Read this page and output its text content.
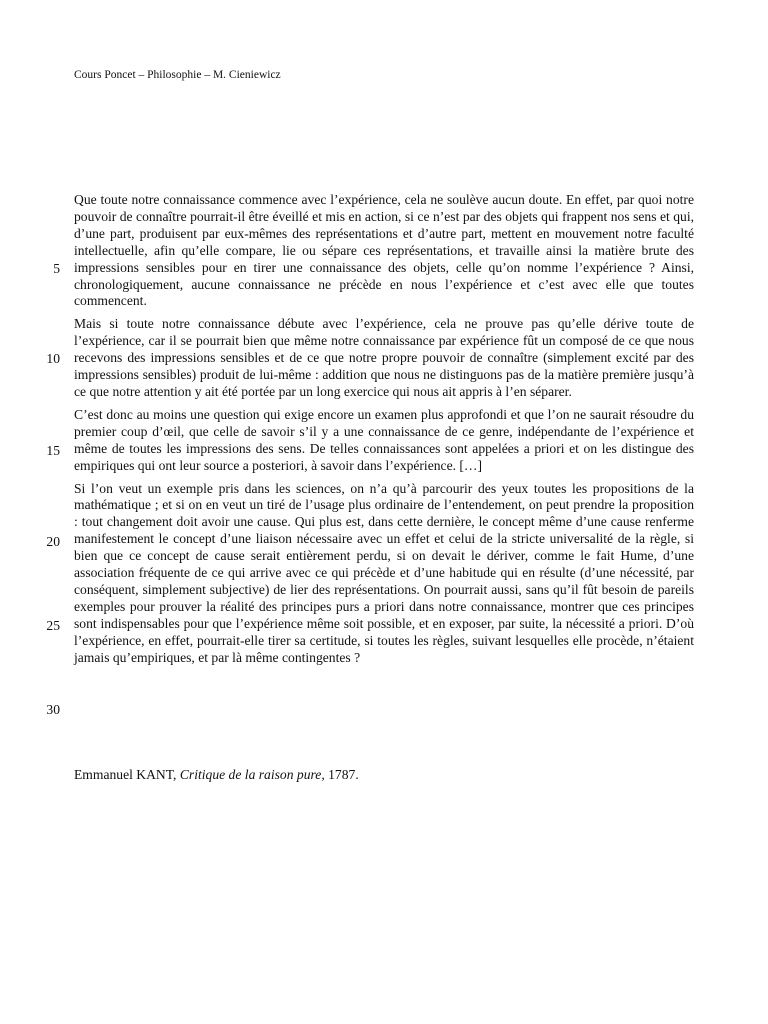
Cours Poncet – Philosophie – M. Cieniewicz
5
10
15
20
25
30

Que toute notre connaissance commence avec l’expérience, cela ne soulève aucun doute. En effet, par quoi notre pouvoir de connaître pourrait-il être éveillé et mis en action, si ce n’est par des objets qui frappent nos sens et qui, d’une part, produisent par eux-mêmes des représentations et d’autre part, mettent en mouvement notre faculté intellectuelle, afin qu’elle compare, lie ou sépare ces représentations, et travaille ainsi la matière brute des impressions sensibles pour en tirer une connaissance des objets, celle qu’on nomme l’expérience ? Ainsi, chronologiquement, aucune connaissance ne précède en nous l’expérience et c’est avec elle que toutes commencent.

Mais si toute notre connaissance débute avec l’expérience, cela ne prouve pas qu’elle dérive toute de l’expérience, car il se pourrait bien que même notre connaissance par expérience fût un composé de ce que nous recevons des impressions sensibles et de ce que notre propre pouvoir de connaître (simplement excité par des impressions sensibles) produit de lui-même : addition que nous ne distinguons pas de la matière première jusqu’à ce que notre attention y ait été portée par un long exercice qui nous ait appris à l’en séparer.

C’est donc au moins une question qui exige encore un examen plus approfondi et que l’on ne saurait résoudre du premier coup d’œil, que celle de savoir s’il y a une connaissance de ce genre, indépendante de l’expérience et même de toutes les impressions des sens. De telles connaissances sont appelées a priori et on les distingue des empiriques qui ont leur source a posteriori, à savoir dans l’expérience. […]

Si l’on veut un exemple pris dans les sciences, on n’a qu’à parcourir des yeux toutes les propositions de la mathématique ; et si on en veut un tiré de l’usage plus ordinaire de l’entendement, on peut prendre la proposition : tout changement doit avoir une cause. Qui plus est, dans cette dernière, le concept même d’une cause renferme manifestement le concept d’une liaison nécessaire avec un effet et celui de la stricte universalité de la règle, si bien que ce concept de cause serait entièrement perdu, si on devait le dériver, comme le fait Hume, d’une association fréquente de ce qui arrive avec ce qui précède et d’une habitude qui en résulte (d’une nécessité, par conséquent, simplement subjective) de lier des représentations. On pourrait aussi, sans qu’il fût besoin de pareils exemples pour prouver la réalité des principes purs a priori dans notre connaissance, montrer que ces principes sont indispensables pour que l’expérience même soit possible, et en exposer, par suite, la nécessité a priori. D’où l’expérience, en effet, pourrait-elle tirer sa certitude, si toutes les règles, suivant lesquelles elle procède, n’étaient jamais qu’empiriques, et par là même contingentes ?

Emmanuel KANT, Critique de la raison pure, 1787.
